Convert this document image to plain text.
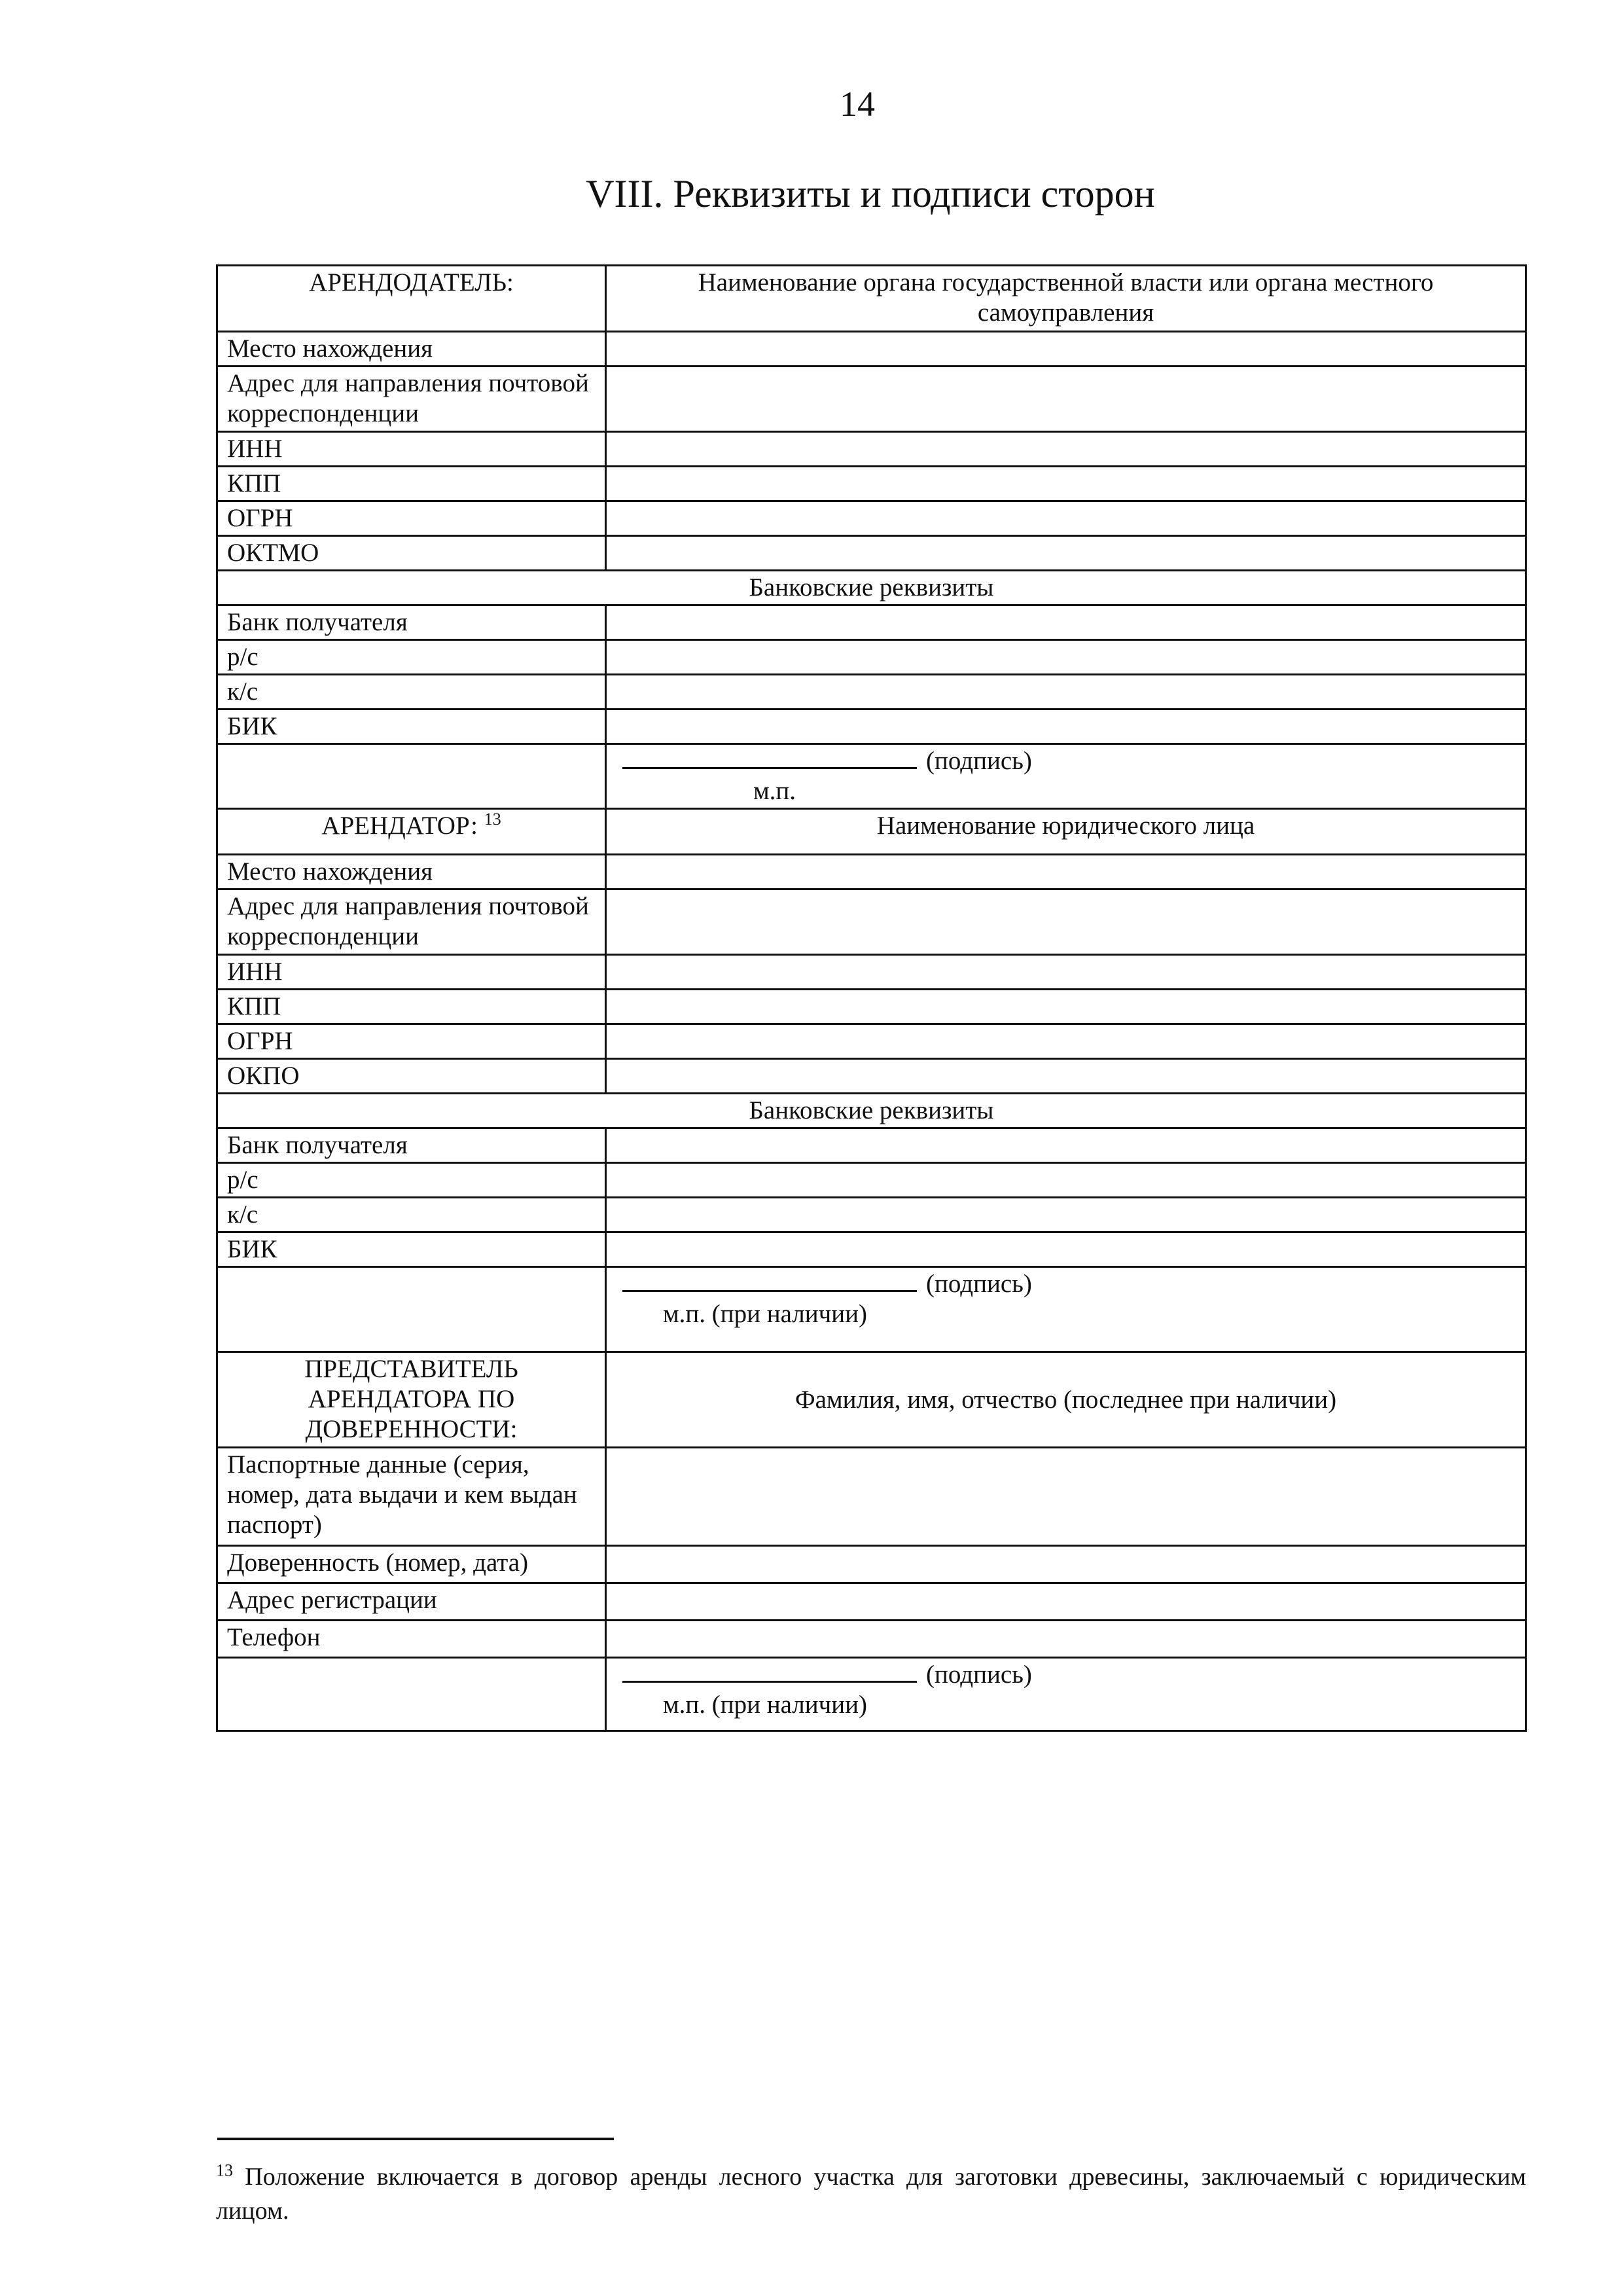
14
VIII. Реквизиты и подписи сторон
АРЕНДОДАТЕЛЬ:	Наименование органа государственной власти или органа местного самоуправления
Место нахождения	
Адрес для направления почтовой корреспонденции	
ИНН	
КПП	
ОГРН	
ОКТМО	
Банковские реквизиты	
Банк получателя	
р/с	
к/с	
БИК	

	(подпись)
м.п.

АРЕНДАТОР: $^{13}$	Наименование юридического лица
Место нахождения	
Адрес для направления почтовой корреспонденции	
ИНН	
КПП	
ОГРН	
ОКПО	
Банковские реквизиты	
Банк получателя	
р/с	
к/с	
БИК	

	(подпись)
м.п. (при наличии)

ПРЕДСТАВИТЕЛЬ АРЕНДАТОРА ПО ДОВЕРЕННОСТИ:	Фамилия, имя, отчество (последнее при наличии)
Паспортные данные (серия, номер, дата выдачи и кем выдан паспорт)	
Доверенность (номер, дата)	
Адрес регистрации	
Телефон	

	(подпись)
м.п. (при наличии)
$^{13}$ Положение включается в договор аренды лесного участка для заготовки древесины, заключаемый с юридическим лицом.
